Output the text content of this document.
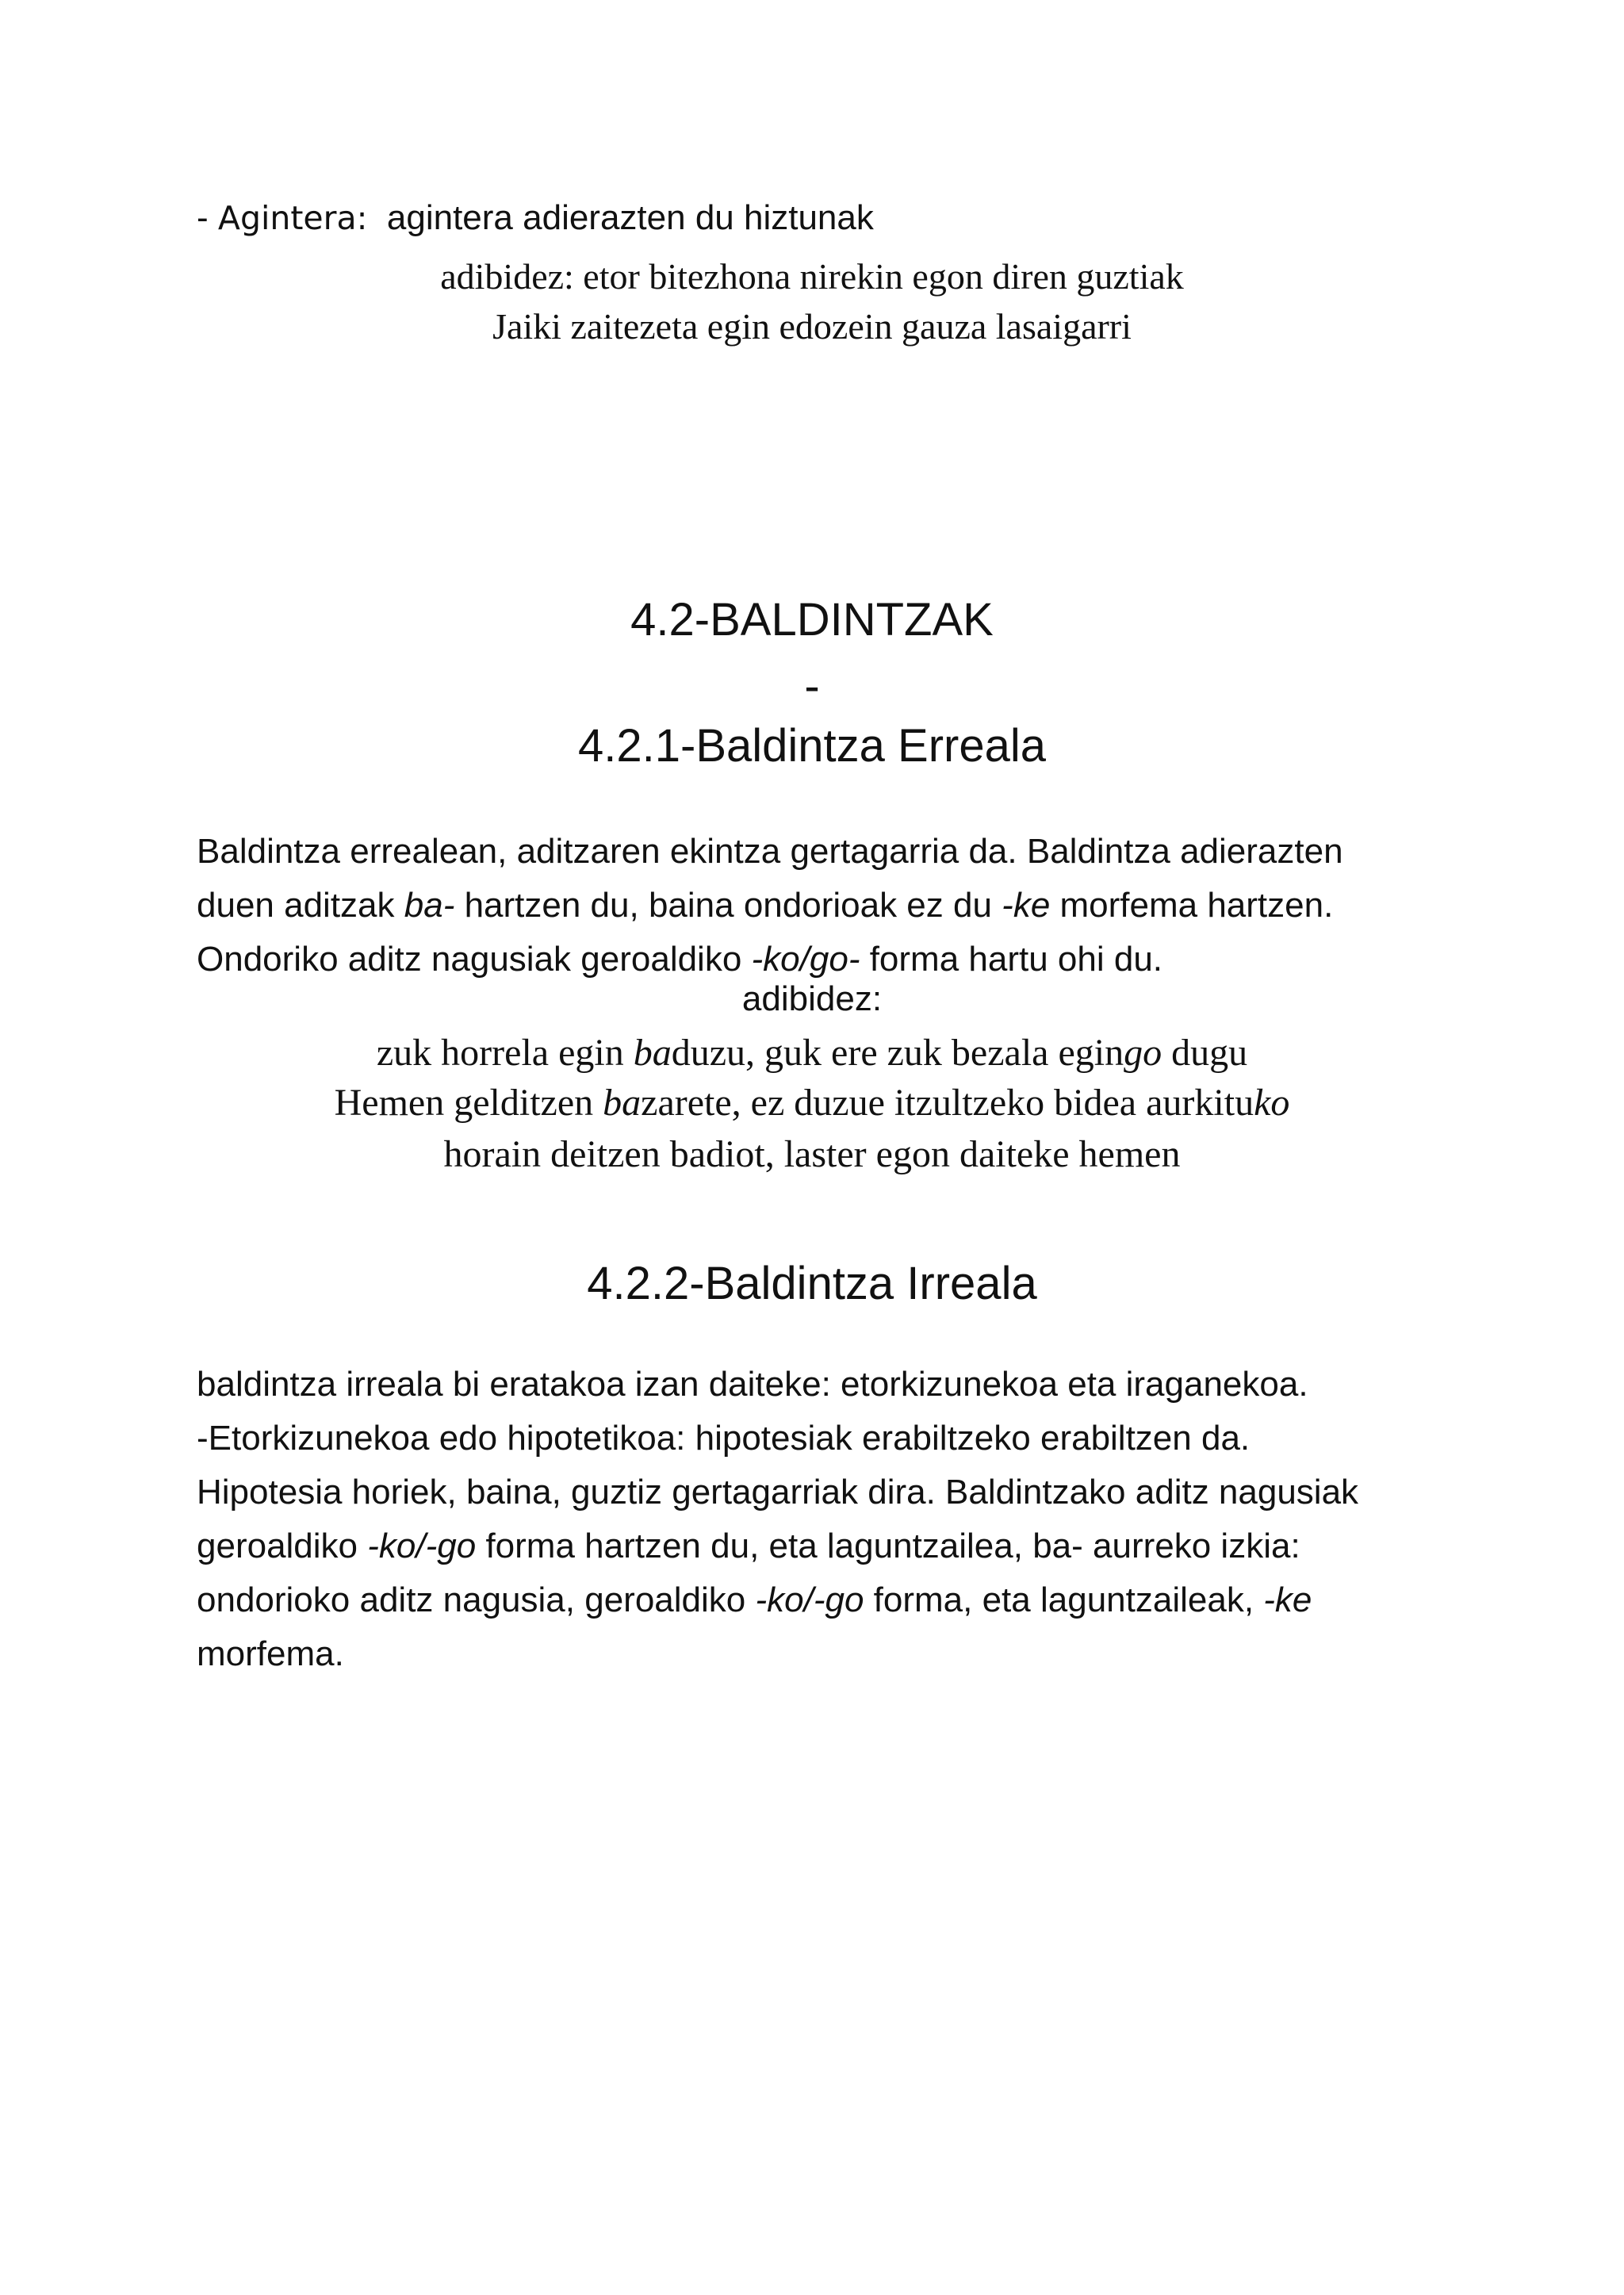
- Agintera: agintera adierazten du hiztunak
adibidez: etor bitezhona nirekin egon diren guztiak
Jaiki zaitezeta egin edozein gauza lasaigarri
4.2-BALDINTZAK
-
4.2.1-Baldintza Erreala
Baldintza errealean, aditzaren ekintza gertagarria da. Baldintza adierazten
duen aditzak ba- hartzen du, baina ondorioak ez du -ke morfema hartzen.
Ondoriko aditz nagusiak geroaldiko -ko/go- forma hartu ohi du.
adibidez:
zuk horrela egin baduzu, guk ere zuk bezala egingo dugu
Hemen gelditzen bazarete, ez duzue itzultzeko bidea aurkituko
horain deitzen badiot, laster egon daiteke hemen
4.2.2-Baldintza Irreala
baldintza irreala bi eratakoa izan daiteke: etorkizunekoa eta iraganekoa.
-Etorkizunekoa edo hipotetikoa: hipotesiak erabiltzeko erabiltzen da.
Hipotesia horiek, baina, guztiz gertagarriak dira. Baldintzako aditz nagusiak
geroaldiko -ko/-go forma hartzen du, eta laguntzailea, ba- aurreko izkia:
ondorioko aditz nagusia, geroaldiko -ko/-go forma, eta laguntzaileak, -ke
morfema.
